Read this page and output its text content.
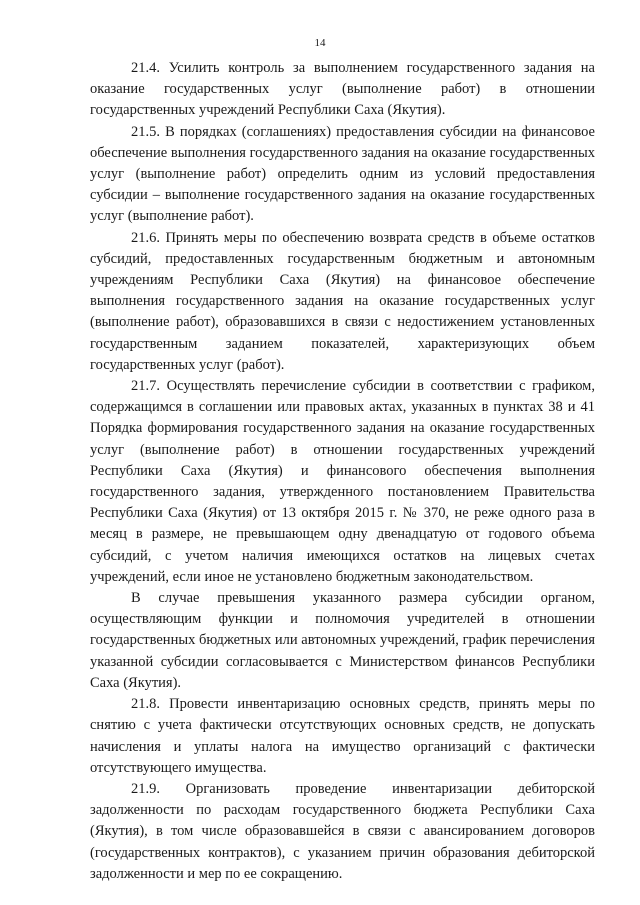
14

21.4. Усилить контроль за выполнением государственного задания на оказание государственных услуг (выполнение работ) в отношении государственных учреждений Республики Саха (Якутия).

21.5. В порядках (соглашениях) предоставления субсидии на финансовое обеспечение выполнения государственного задания на оказание государственных услуг (выполнение работ) определить одним из условий предоставления субсидии – выполнение государственного задания на оказание государственных услуг (выполнение работ).

21.6. Принять меры по обеспечению возврата средств в объеме остатков субсидий, предоставленных государственным бюджетным и автономным учреждениям Республики Саха (Якутия) на финансовое обеспечение выполнения государственного задания на оказание государственных услуг (выполнение работ), образовавшихся в связи с недостижением установленных государственным заданием показателей, характеризующих объем государственных услуг (работ).

21.7. Осуществлять перечисление субсидии в соответствии с графиком, содержащимся в соглашении или правовых актах, указанных в пунктах 38 и 41 Порядка формирования государственного задания на оказание государственных услуг (выполнение работ) в отношении государственных учреждений Республики Саха (Якутия) и финансового обеспечения выполнения государственного задания, утвержденного постановлением Правительства Республики Саха (Якутия) от 13 октября 2015 г. № 370, не реже одного раза в месяц в размере, не превышающем одну двенадцатую от годового объема субсидий, с учетом наличия имеющихся остатков на лицевых счетах учреждений, если иное не установлено бюджетным законодательством.

В случае превышения указанного размера субсидии органом, осуществляющим функции и полномочия учредителей в отношении государственных бюджетных или автономных учреждений, график перечисления указанной субсидии согласовывается с Министерством финансов Республики Саха (Якутия).

21.8. Провести инвентаризацию основных средств, принять меры по снятию с учета фактически отсутствующих основных средств, не допускать начисления и уплаты налога на имущество организаций с фактически отсутствующего имущества.

21.9. Организовать проведение инвентаризации дебиторской задолженности по расходам государственного бюджета Республики Саха (Якутия), в том числе образовавшейся в связи с авансированием договоров (государственных контрактов), с указанием причин образования дебиторской задолженности и мер по ее сокращению.
